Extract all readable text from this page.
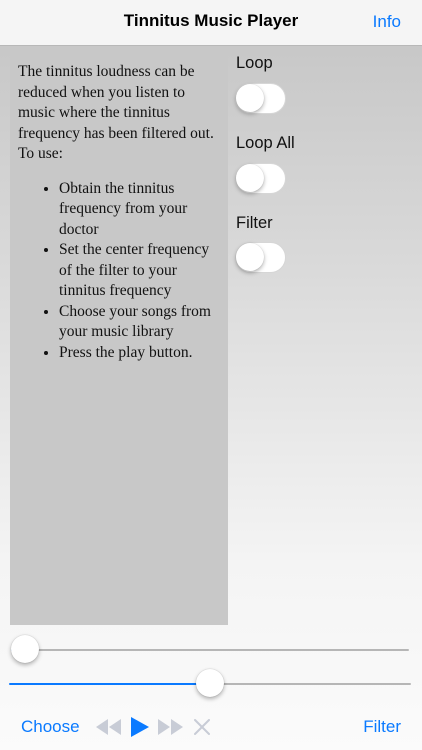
Tinnitus Music Player	Info

The tinnitus loudness can be reduced when you listen to music where the tinnitus frequency has been filtered out. To use:

• Obtain the tinnitus frequency from your doctor
• Set the center frequency of the filter to your tinnitus frequency
• Choose your songs from your music library
• Press the play button.
Loop
Loop All
Filter
Choose	Filter
